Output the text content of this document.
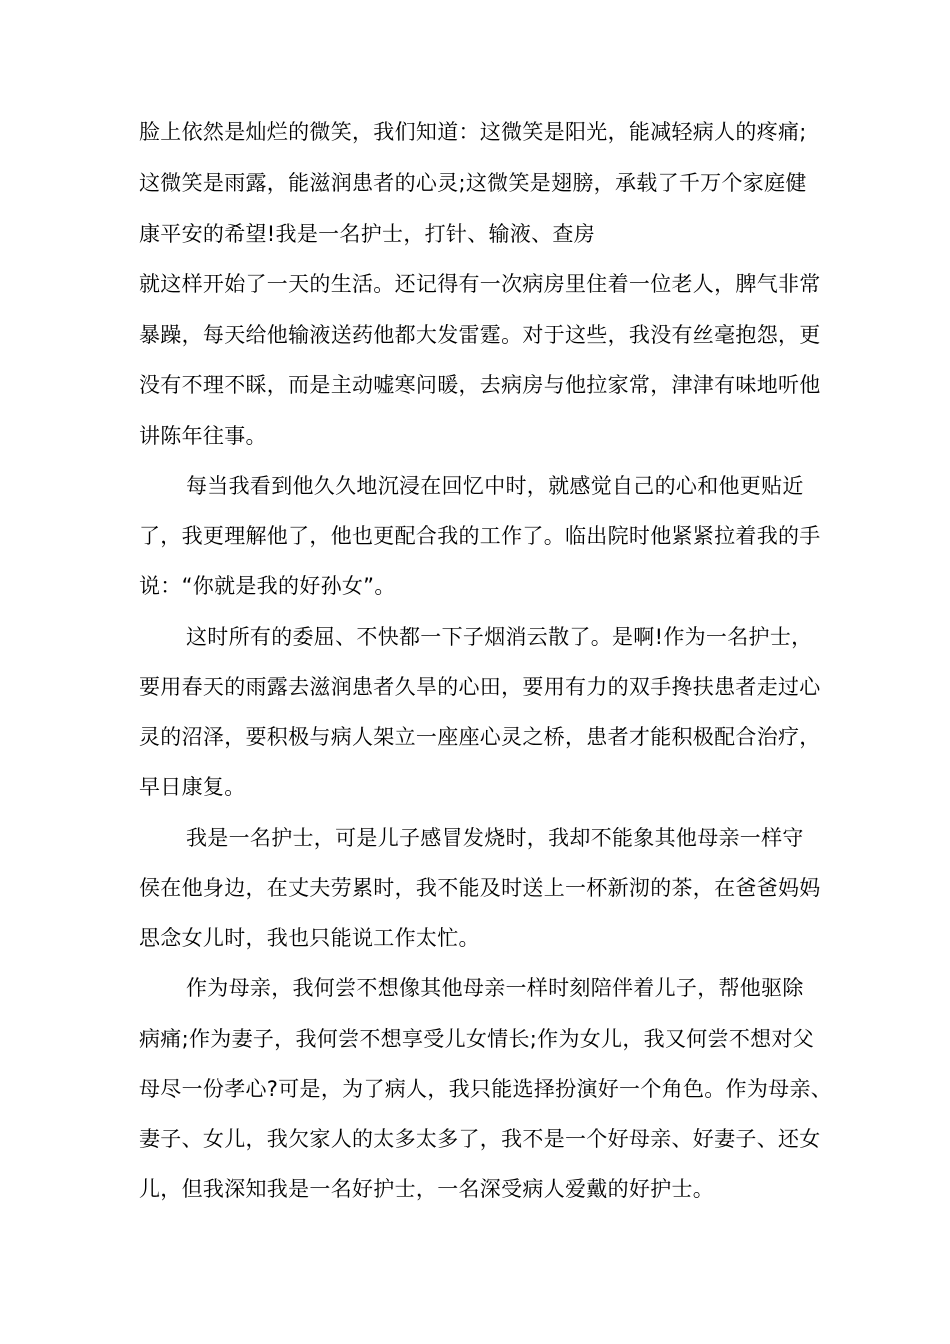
脸上依然是灿烂的微笑，我们知道：这微笑是阳光，能减轻病人的疼痛;
这微笑是雨露，能滋润患者的心灵;这微笑是翅膀，承载了千万个家庭健
康平安的希望!我是一名护士，打针、输液、查房
就这样开始了一天的生活。还记得有一次病房里住着一位老人，脾气非常
暴躁，每天给他输液送药他都大发雷霆。对于这些，我没有丝毫抱怨，更
没有不理不睬，而是主动嘘寒问暖，去病房与他拉家常，津津有味地听他
讲陈年往事。
每当我看到他久久地沉浸在回忆中时，就感觉自己的心和他更贴近
了，我更理解他了，他也更配合我的工作了。临出院时他紧紧拉着我的手
说：“你就是我的好孙女”。
这时所有的委屈、不快都一下子烟消云散了。是啊!作为一名护士，
要用春天的雨露去滋润患者久旱的心田，要用有力的双手搀扶患者走过心
灵的沼泽，要积极与病人架立一座座心灵之桥，患者才能积极配合治疗，
早日康复。
我是一名护士，可是儿子感冒发烧时，我却不能象其他母亲一样守
侯在他身边，在丈夫劳累时，我不能及时送上一杯新沏的茶，在爸爸妈妈
思念女儿时，我也只能说工作太忙。
作为母亲，我何尝不想像其他母亲一样时刻陪伴着儿子，帮他驱除
病痛;作为妻子，我何尝不想享受儿女情长;作为女儿，我又何尝不想对父
母尽一份孝心?可是，为了病人，我只能选择扮演好一个角色。作为母亲、
妻子、女儿，我欠家人的太多太多了，我不是一个好母亲、好妻子、还女
儿，但我深知我是一名好护士，一名深受病人爱戴的好护士。
